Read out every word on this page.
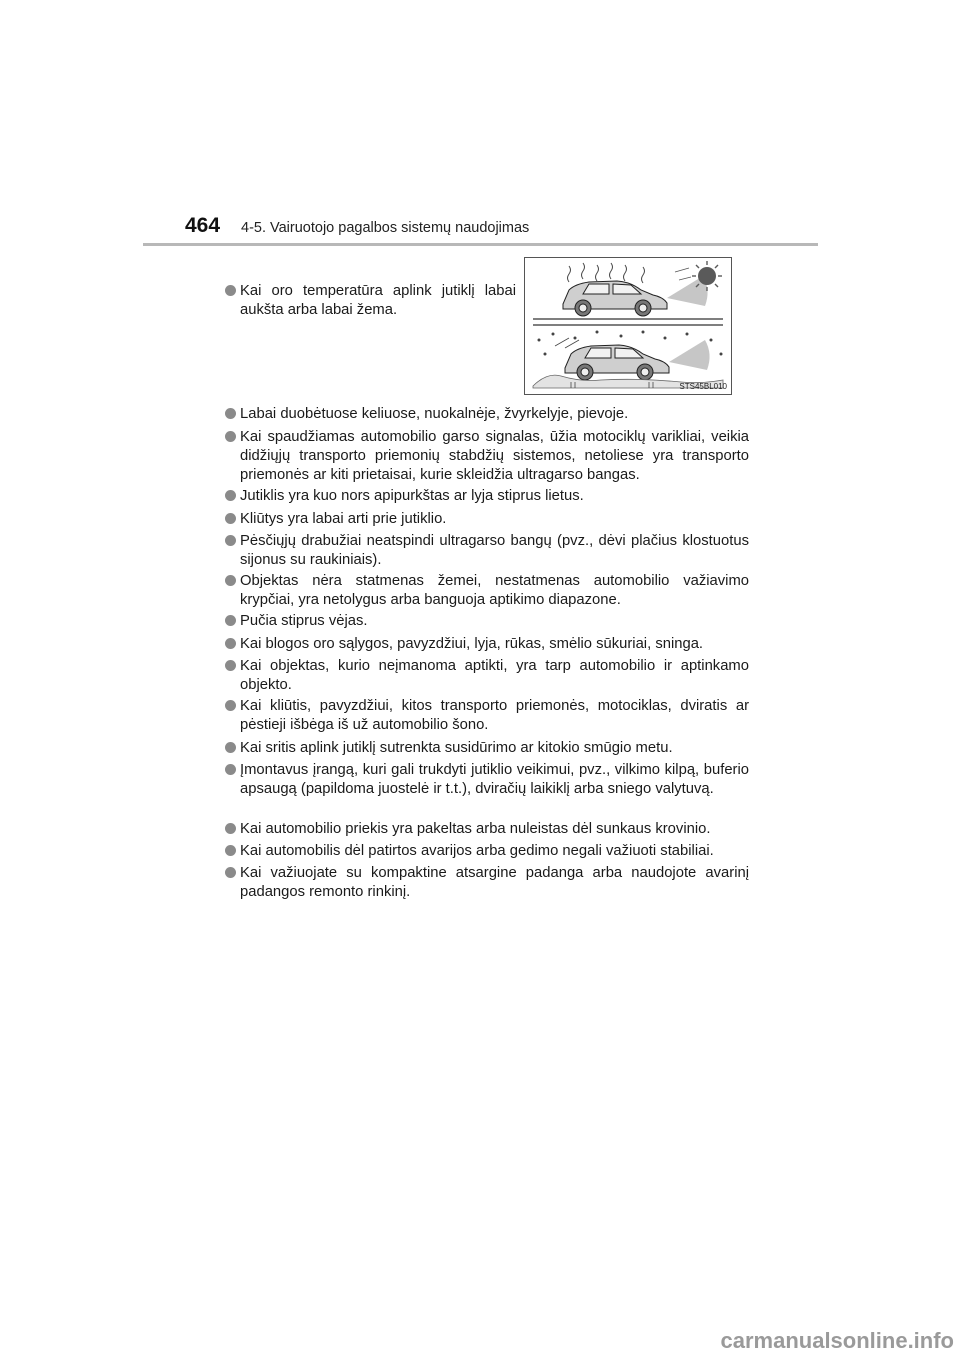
464 4-5. Vairuotojo pagalbos sistemų naudojimas
Kai oro temperatūra aplink jutiklį labai aukšta arba labai žema.
STS45BL010
Labai duobėtuose keliuose, nuokalnėje, žvyrkelyje, pievoje.
Kai spaudžiamas automobilio garso signalas, ūžia motociklų varikliai, veikia didžiųjų transporto priemonių stabdžių sistemos, netoliese yra transporto priemonės ar kiti prietaisai, kurie skleidžia ultragarso bangas.
Jutiklis yra kuo nors apipurkštas ar lyja stiprus lietus.
Kliūtys yra labai arti prie jutiklio.
Pėsčiųjų drabužiai neatspindi ultragarso bangų (pvz., dėvi plačius klostuotus sijonus su raukiniais).
Objektas nėra statmenas žemei, nestatmenas automobilio važiavimo krypčiai, yra netolygus arba banguoja aptikimo diapazone.
Pučia stiprus vėjas.
Kai blogos oro sąlygos, pavyzdžiui, lyja, rūkas, smėlio sūkuriai, sninga.
Kai objektas, kurio neįmanoma aptikti, yra tarp automobilio ir aptinkamo objekto.
Kai kliūtis, pavyzdžiui, kitos transporto priemonės, motociklas, dviratis ar pėstieji išbėga iš už automobilio šono.
Kai sritis aplink jutiklį sutrenkta susidūrimo ar kitokio smūgio metu.
Įmontavus įrangą, kuri gali trukdyti jutiklio veikimui, pvz., vilkimo kilpą, buferio apsaugą (papildoma juostelė ir t.t.), dviračių laikiklį arba sniego valytuvą.
Kai automobilio priekis yra pakeltas arba nuleistas dėl sunkaus krovinio.
Kai automobilis dėl patirtos avarijos arba gedimo negali važiuoti stabiliai.
Kai važiuojate su kompaktine atsargine padanga arba naudojote avarinį padangos remonto rinkinį.
carmanualsonline.info
